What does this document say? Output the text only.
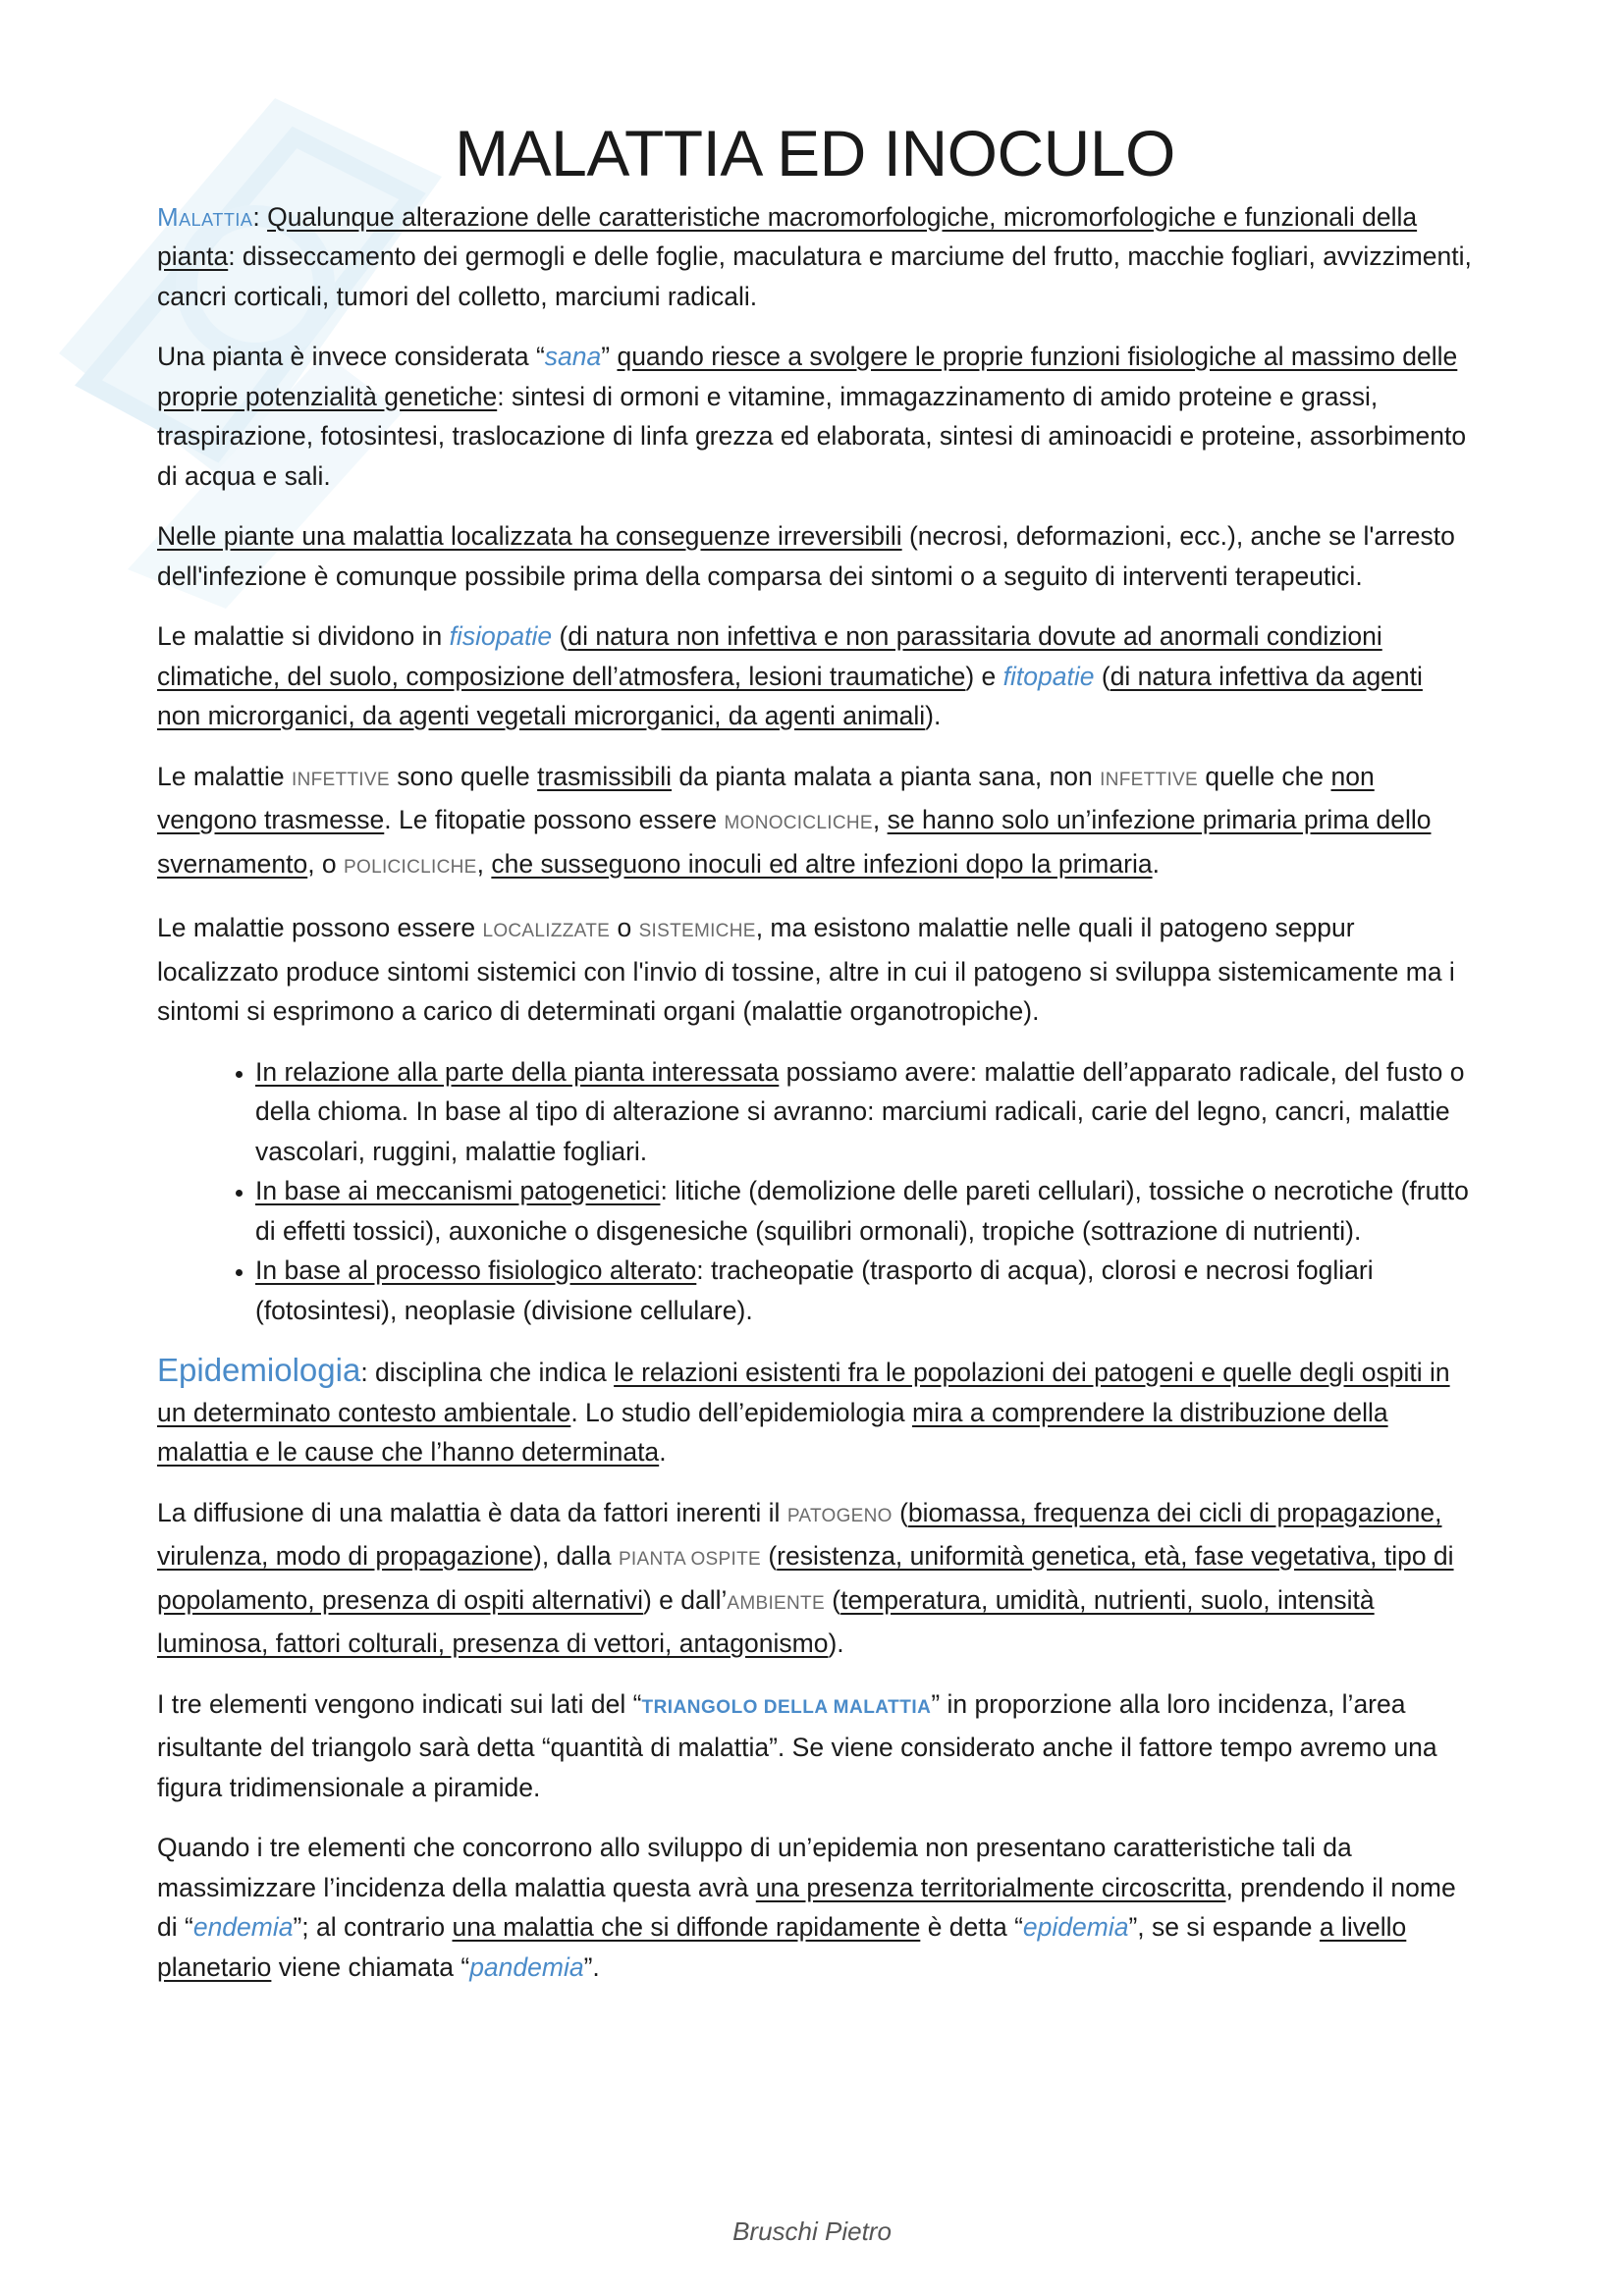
MALATTIA ED INOCULO

Malattia: Qualunque alterazione delle caratteristiche macromorfologiche, micromorfologiche e funzionali della pianta: disseccamento dei germogli e delle foglie, maculatura e marciume del frutto, macchie fogliari, avvizzimenti, cancri corticali, tumori del colletto, marciumi radicali.

Una pianta è invece considerata “sana” quando riesce a svolgere le proprie funzioni fisiologiche al massimo delle proprie potenzialità genetiche: sintesi di ormoni e vitamine, immagazzinamento di amido proteine e grassi, traspirazione, fotosintesi, traslocazione di linfa grezza ed elaborata, sintesi di aminoacidi e proteine, assorbimento di acqua e sali.

Nelle piante una malattia localizzata ha conseguenze irreversibili (necrosi, deformazioni, ecc.), anche se l'arresto dell'infezione è comunque possibile prima della comparsa dei sintomi o a seguito di interventi terapeutici.

Le malattie si dividono in fisiopatie (di natura non infettiva e non parassitaria dovute ad anormali condizioni climatiche, del suolo, composizione dell’atmosfera, lesioni traumatiche) e fitopatie (di natura infettiva da agenti non microrganici, da agenti vegetali microrganici, da agenti animali).

Le malattie INFETTIVE sono quelle trasmissibili da pianta malata a pianta sana, non INFETTIVE quelle che non vengono trasmesse. Le fitopatie possono essere MONOCICLICHE, se hanno solo un’infezione primaria prima dello svernamento, o POLICICLICHE, che susseguono inoculi ed altre infezioni dopo la primaria.

Le malattie possono essere LOCALIZZATE o SISTEMICHE, ma esistono malattie nelle quali il patogeno seppur localizzato produce sintomi sistemici con l'invio di tossine, altre in cui il patogeno si sviluppa sistemicamente ma i sintomi si esprimono a carico di determinati organi (malattie organotropiche).

• In relazione alla parte della pianta interessata possiamo avere: malattie dell’apparato radicale, del fusto o della chioma. In base al tipo di alterazione si avranno: marciumi radicali, carie del legno, cancri, malattie vascolari, ruggini, malattie fogliari.
• In base ai meccanismi patogenetici: litiche (demolizione delle pareti cellulari), tossiche o necrotiche (frutto di effetti tossici), auxoniche o disgenesiche (squilibri ormonali), tropiche (sottrazione di nutrienti).
• In base al processo fisiologico alterato: tracheopatie (trasporto di acqua), clorosi e necrosi fogliari (fotosintesi), neoplasie (divisione cellulare).

Epidemiologia: disciplina che indica le relazioni esistenti fra le popolazioni dei patogeni e quelle degli ospiti in un determinato contesto ambientale. Lo studio dell’epidemiologia mira a comprendere la distribuzione della malattia e le cause che l’hanno determinata.

La diffusione di una malattia è data da fattori inerenti il PATOGENO (biomassa, frequenza dei cicli di propagazione, virulenza, modo di propagazione), dalla PIANTA OSPITE (resistenza, uniformità genetica, età, fase vegetativa, tipo di popolamento, presenza di ospiti alternativi) e dall’AMBIENTE (temperatura, umidità, nutrienti, suolo, intensità luminosa, fattori colturali, presenza di vettori, antagonismo).

I tre elementi vengono indicati sui lati del “TRIANGOLO DELLA MALATTIA” in proporzione alla loro incidenza, l’area risultante del triangolo sarà detta “quantità di malattia”. Se viene considerato anche il fattore tempo avremo una figura tridimensionale a piramide.

Quando i tre elementi che concorrono allo sviluppo di un’epidemia non presentano caratteristiche tali da massimizzare l’incidenza della malattia questa avrà una presenza territorialmente circoscritta, prendendo il nome di “endemia”; al contrario una malattia che si diffonde rapidamente è detta “epidemia”, se si espande a livello planetario viene chiamata “pandemia”.

Bruschi Pietro
